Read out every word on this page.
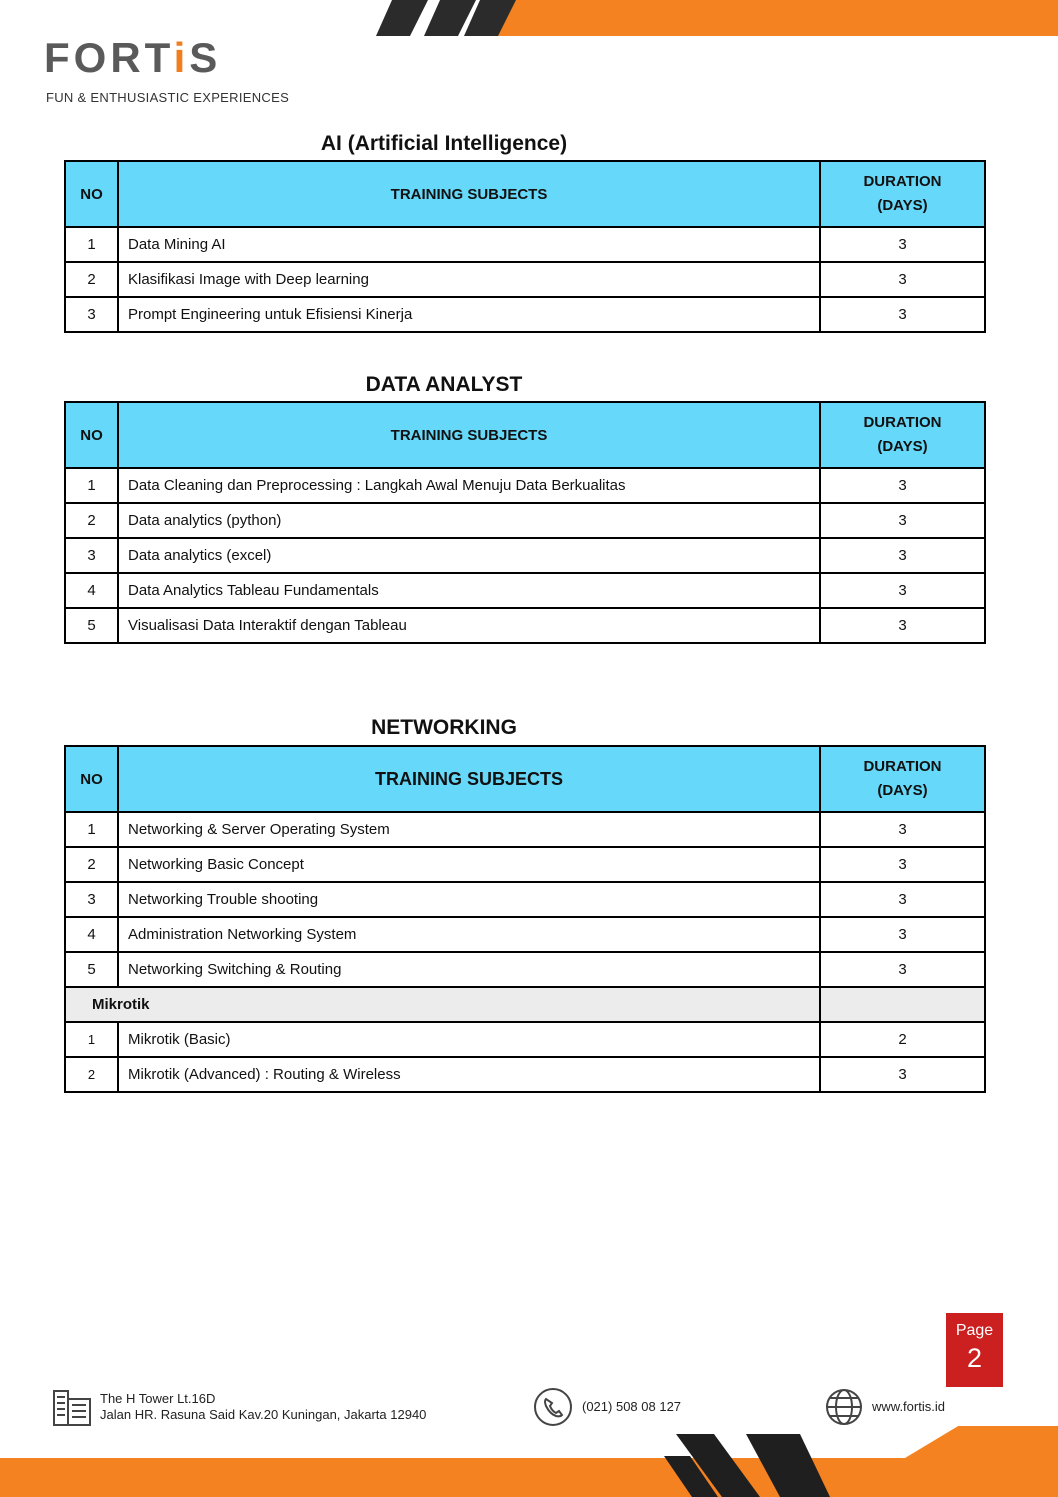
FORTiS
FUN & ENTHUSIASTIC EXPERIENCES
AI (Artificial Intelligence)
NO	TRAINING SUBJECTS	DURATION
(DAYS)
1	Data Mining AI	3
2	Klasifikasi Image with Deep learning	3
3	Prompt Engineering untuk Efisiensi Kinerja	3
DATA ANALYST
NO	TRAINING SUBJECTS	DURATION
(DAYS)
1	Data Cleaning dan Preprocessing : Langkah Awal Menuju Data Berkualitas	3
2	Data analytics (python)	3
3	Data analytics (excel)	3
4	Data Analytics Tableau Fundamentals	3
5	Visualisasi Data Interaktif dengan Tableau	3
NETWORKING
NO	TRAINING SUBJECTS	DURATION
(DAYS)
1	Networking & Server Operating System	3
2	Networking Basic Concept	3
3	Networking Trouble shooting	3
4	Administration Networking System	3
5	Networking Switching & Routing	3
Mikrotik		
1	Mikrotik (Basic)	2
2	Mikrotik (Advanced) : Routing & Wireless	3
Page
2
The H Tower Lt.16D
Jalan HR. Rasuna Said Kav.20 Kuningan, Jakarta 12940
(021) 508 08 127	www.fortis.id
